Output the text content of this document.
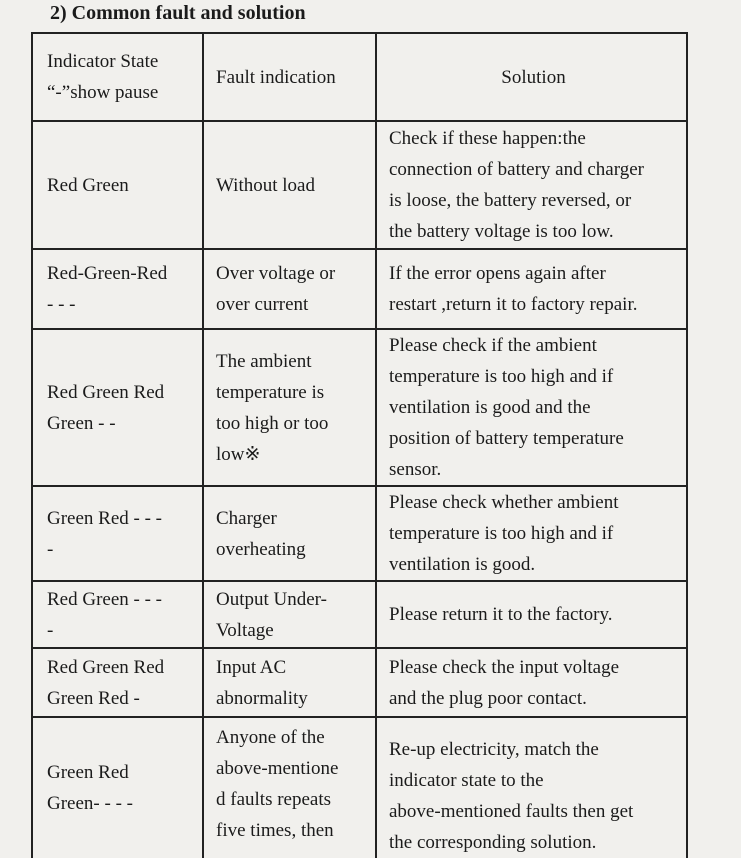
2) Common fault and solution
Indicator State
“-”show pause	Fault indication	Solution

Red Green	Without load	Check if these happen:the
connection of battery and charger
is loose, the battery reversed, or
the battery voltage is too low.

Red-Green-Red
- - -	Over voltage or
over current	If the error opens again after
restart ,return it to factory repair.

Red Green Red
Green - -	The ambient
temperature is
too high or too
low※	Please check if the ambient
temperature is too high and if
ventilation is good and the
position of battery temperature
sensor.

Green Red - - -
-	Charger
overheating	Please check whether ambient
temperature is too high and if
ventilation is good.

Red Green - - -
-	Output Under-
Voltage	Please return it to the factory.

Red Green Red
Green Red -	Input AC
abnormality	Please check the input voltage
and the plug poor contact.

Green Red
Green- - - -	Anyone of the
above-mentione
d faults repeats
five times, then	Re-up electricity, match the
indicator state to the
above-mentioned faults then get
the corresponding solution.
